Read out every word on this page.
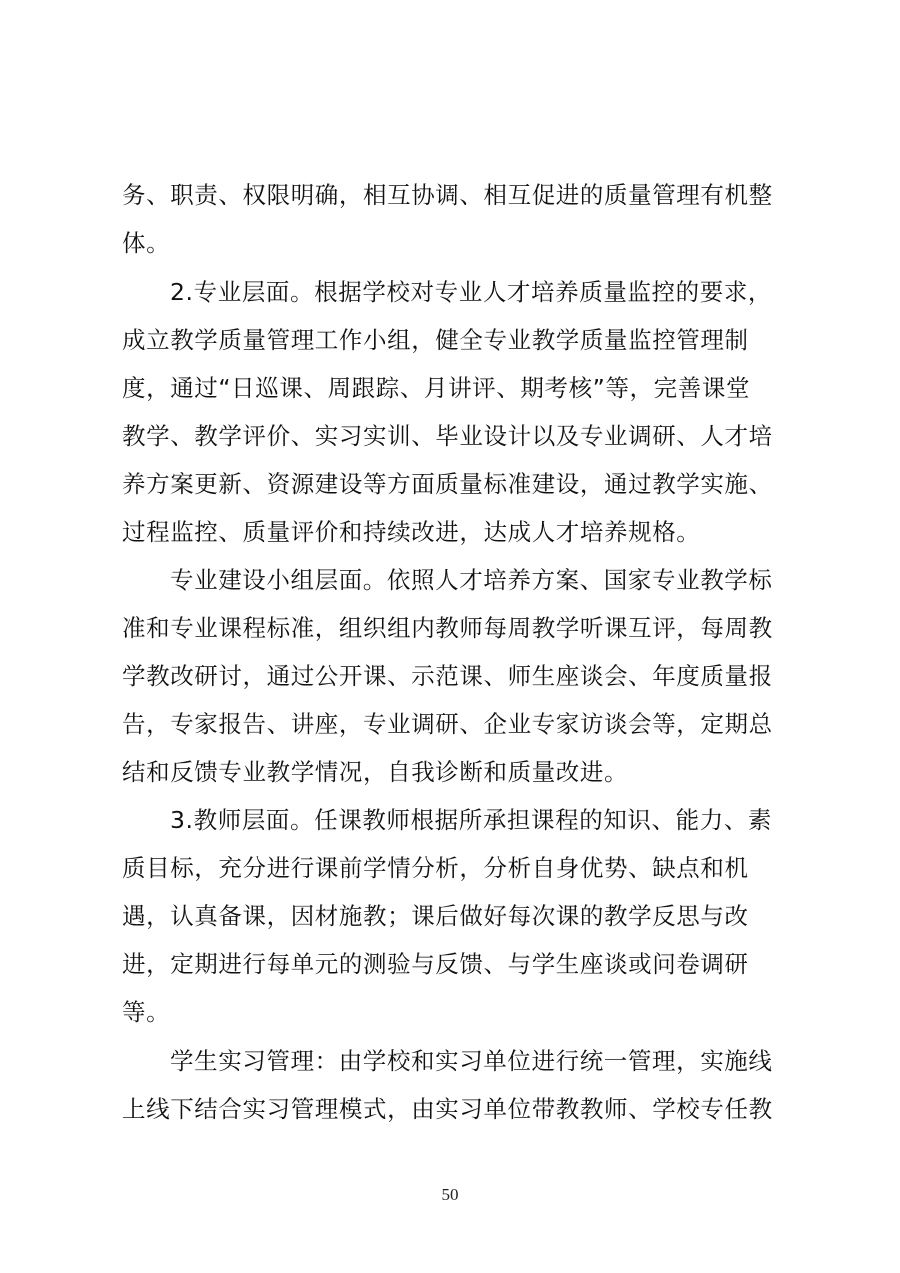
务、职责、权限明确，相互协调、相互促进的质量管理有机整
体。
2.专业层面。根据学校对专业人才培养质量监控的要求，
成立教学质量管理工作小组，健全专业教学质量监控管理制
度，通过“日巡课、周跟踪、月讲评、期考核”等，完善课堂
教学、教学评价、实习实训、毕业设计以及专业调研、人才培
养方案更新、资源建设等方面质量标准建设，通过教学实施、
过程监控、质量评价和持续改进，达成人才培养规格。
专业建设小组层面。依照人才培养方案、国家专业教学标
准和专业课程标准，组织组内教师每周教学听课互评，每周教
学教改研讨，通过公开课、示范课、师生座谈会、年度质量报
告，专家报告、讲座，专业调研、企业专家访谈会等，定期总
结和反馈专业教学情况，自我诊断和质量改进。
3.教师层面。任课教师根据所承担课程的知识、能力、素
质目标，充分进行课前学情分析，分析自身优势、缺点和机
遇，认真备课，因材施教；课后做好每次课的教学反思与改
进，定期进行每单元的测验与反馈、与学生座谈或问卷调研
等。
学生实习管理：由学校和实习单位进行统一管理，实施线
上线下结合实习管理模式，由实习单位带教教师、学校专任教
50
